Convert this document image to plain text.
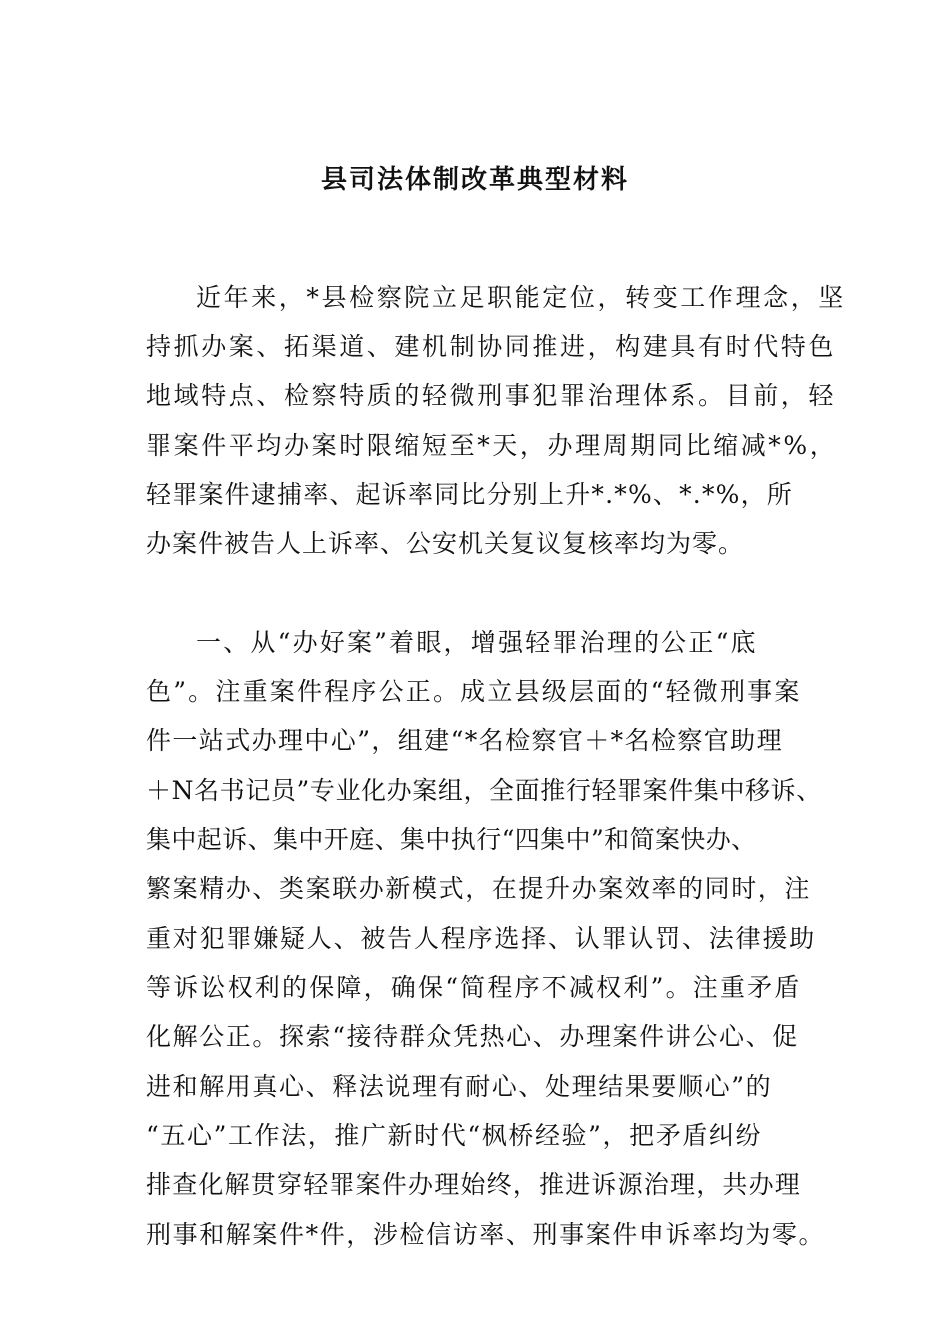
县司法体制改革典型材料
近年来，*县检察院立足职能定位，转变工作理念，坚
持抓办案、拓渠道、建机制协同推进，构建具有时代特色
地域特点、检察特质的轻微刑事犯罪治理体系。目前，轻
罪案件平均办案时限缩短至*天，办理周期同比缩减*%，
轻罪案件逮捕率、起诉率同比分别上升*.*%、*.*%，所
办案件被告人上诉率、公安机关复议复核率均为零。
一、从“办好案”着眼，增强轻罪治理的公正“底
色”。注重案件程序公正。成立县级层面的“轻微刑事案
件一站式办理中心”，组建“*名检察官＋*名检察官助理
＋N名书记员”专业化办案组，全面推行轻罪案件集中移诉、
集中起诉、集中开庭、集中执行“四集中”和简案快办、
繁案精办、类案联办新模式，在提升办案效率的同时，注
重对犯罪嫌疑人、被告人程序选择、认罪认罚、法律援助
等诉讼权利的保障，确保“简程序不减权利”。注重矛盾
化解公正。探索“接待群众凭热心、办理案件讲公心、促
进和解用真心、释法说理有耐心、处理结果要顺心”的
“五心”工作法，推广新时代“枫桥经验”，把矛盾纠纷
排查化解贯穿轻罪案件办理始终，推进诉源治理，共办理
刑事和解案件*件，涉检信访率、刑事案件申诉率均为零。
